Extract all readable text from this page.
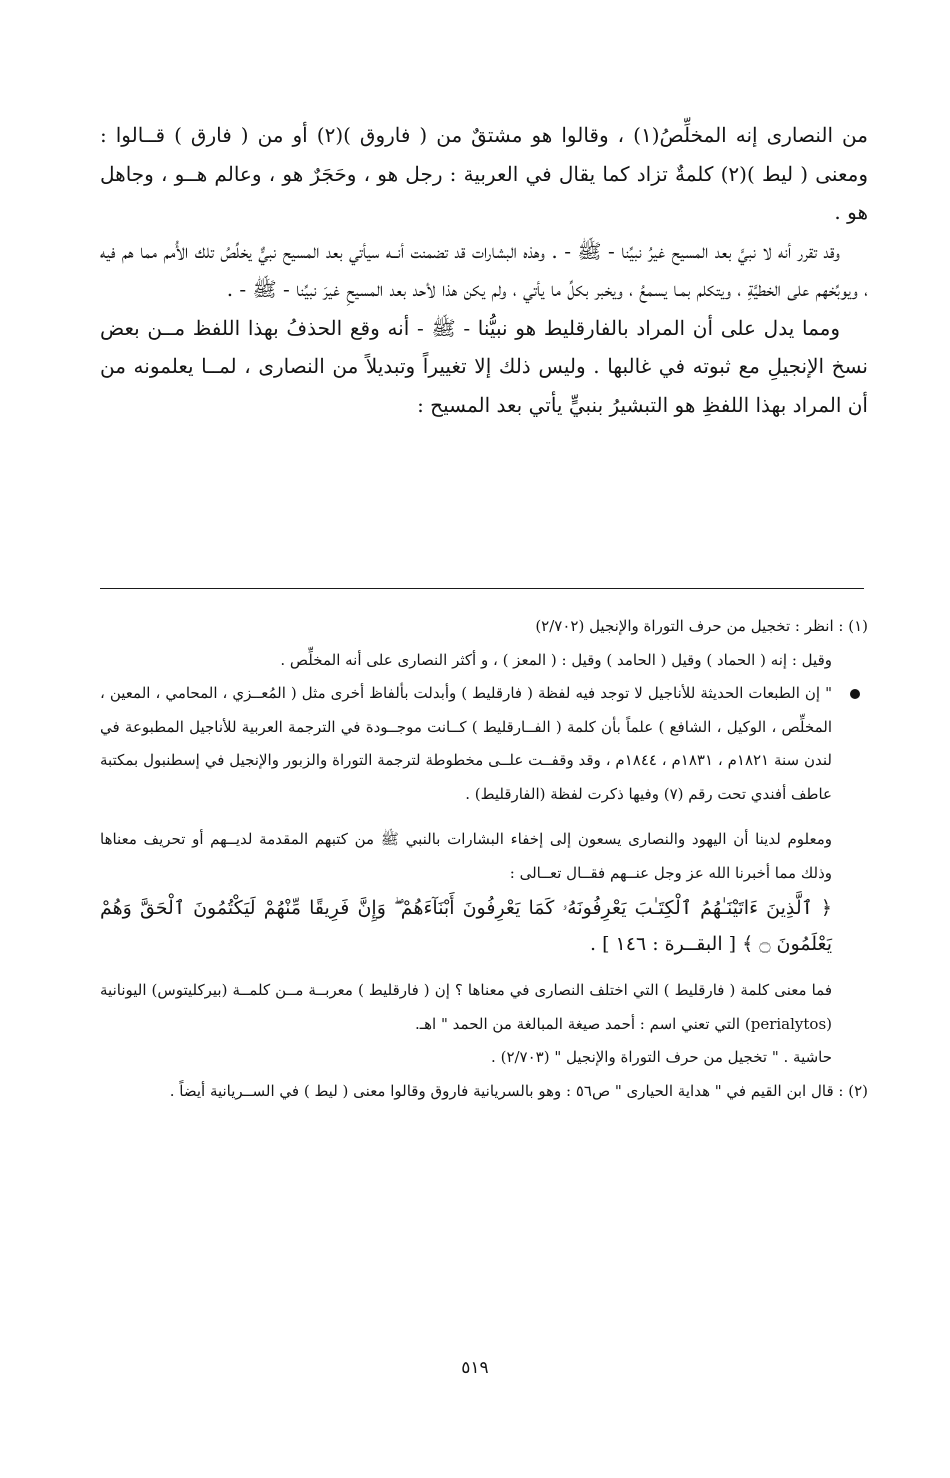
من النصارى إنه المخلِّصُ(١) ، وقالوا هو مشتقٌ من ( فاروق )(٢) أو من ( فارق ) قــالوا : ومعنى ( ليط )(٢) كلمةٌ تزاد كما يقال في العربية : رجل هو ، وحَجَرٌ هو ، وعالم هــو ، وجاهل هو .

وقد تقرر أنه لا نبيَّ بعد المسيح غيرُ نبيِّنا - ﷺ - . وهذه البشارات قد تضمنت أنــه سيأتي بعد المسيح نبيٌّ يخلِّصُ تلك الأُمم مما هم فيه ، ويوبِّخهم على الخطيَّةِ ، ويتكلم بمـا يسمعُ ، ويخبر بكلِّ ما يأتي ، ولم يكن هذا لأحد بعد المسيحِ غيرَ نبيِّنا - ﷺ - .

ومما يدل على أن المراد بالفارقليط هو نبيُّنا - ﷺ - أنه وقع الحذفُ بهذا اللفظ مــن بعض نسخ الإنجيلِ مع ثبوته في غالبها . وليس ذلك إلا تغييراً وتبديلاً من النصارى ، لمــا يعلمونه من أن المراد بهذا اللفظِ هو التبشيرُ بنبيٍّ يأتي بعد المسيح :

(١) : انظر : تخجيل من حرف التوراة والإنجيل (٢/٧٠٢)

وقيل : إنه ( الحماد ) وقيل ( الحامد ) وقيل : ( المعز ) ، و أكثر النصارى على أنه المخلِّص .

" إن الطبعات الحديثة للأناجيل لا توجد فيه لفظة ( فارقليط ) وأبدلت بألفاظ أخرى مثل ( المُعــزي ، المحامي ، المعين ، المخلِّص ، الوكيل ، الشافع ) علماً بأن كلمة ( الفــارقليط ) كــانت موجــودة في الترجمة العربية للأناجيل المطبوعة في لندن سنة ١٨٢١م ، ١٨٣١م ، ١٨٤٤م ، وقد وقفــت علــى مخطوطة لترجمة التوراة والزبور والإنجيل في إسطنبول بمكتبة عاطف أفندي تحت رقم (٧) وفيها ذكرت لفظة (الفارقليط) .

ومعلوم لدينا أن اليهود والنصارى يسعون إلى إخفاء البشارات بالنبي ﷺ من كتبهم المقدمة لديــهم أو تحريف معناها وذلك مما أخبرنا الله عز وجل عنــهم فقــال تعــالى :

﴿ ٱلَّذِينَ ءَاتَيْنَـٰهُمُ ٱلْكِتَـٰبَ يَعْرِفُونَهُۥ كَمَا يَعْرِفُونَ أَبْنَآءَهُمْ ۖ وَإِنَّ فَرِيقًا مِّنْهُمْ لَيَكْتُمُونَ ٱلْحَقَّ وَهُمْ يَعْلَمُونَ ۝ ﴾ [ البقــرة : ١٤٦ ] .

فما معنى كلمة ( فارقليط ) التي اختلف النصارى في معناها ؟ إن ( فارقليط ) معربــة مــن كلمــة (بيركليتوس) اليونانية (perialytos) التي تعني اسم : أحمد صيغة المبالغة من الحمد " اهـ.

حاشية . " تخجيل من حرف التوراة والإنجيل " (٢/٧٠٣) .

(٢) : قال ابن القيم في " هداية الحيارى " ص٥٦ : وهو بالسريانية فاروق وقالوا معنى ( ليط ) في الســريانية أيضاً .

٥١٩
